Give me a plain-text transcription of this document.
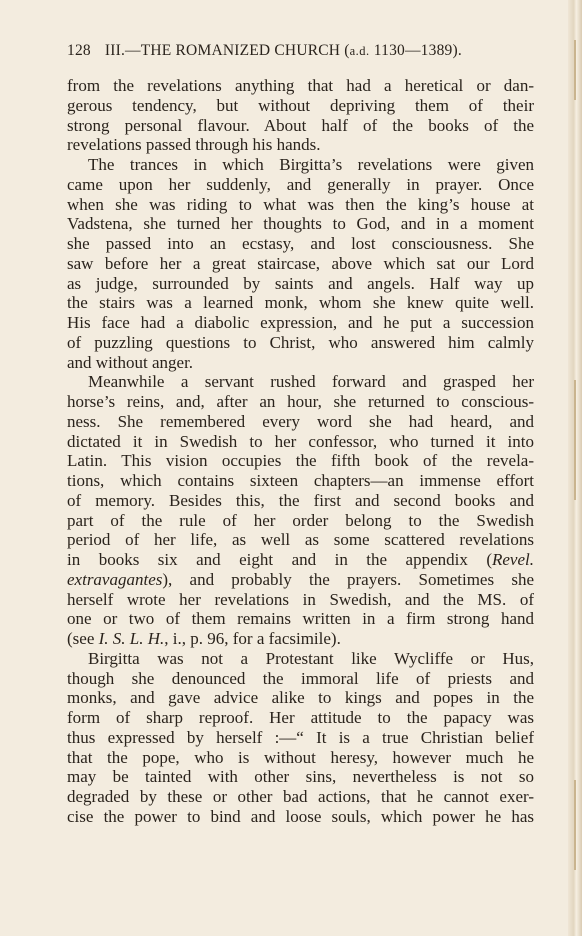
128 III.—THE ROMANIZED CHURCH (a.d. 1130—1389).
from the revelations anything that had a heretical or dan-
gerous tendency, but without depriving them of their
strong personal flavour. About half of the books of the
revelations passed through his hands.
The trances in which Birgitta’s revelations were given
came upon her suddenly, and generally in prayer. Once
when she was riding to what was then the king’s house at
Vadstena, she turned her thoughts to God, and in a moment
she passed into an ecstasy, and lost consciousness. She
saw before her a great staircase, above which sat our Lord
as judge, surrounded by saints and angels. Half way up
the stairs was a learned monk, whom she knew quite well.
His face had a diabolic expression, and he put a succession
of puzzling questions to Christ, who answered him calmly
and without anger.
Meanwhile a servant rushed forward and grasped her
horse’s reins, and, after an hour, she returned to conscious-
ness. She remembered every word she had heard, and
dictated it in Swedish to her confessor, who turned it into
Latin. This vision occupies the fifth book of the revela-
tions, which contains sixteen chapters—an immense effort
of memory. Besides this, the first and second books and
part of the rule of her order belong to the Swedish
period of her life, as well as some scattered revelations
in books six and eight and in the appendix (Revel.
extravagantes), and probably the prayers. Sometimes she
herself wrote her revelations in Swedish, and the MS. of
one or two of them remains written in a firm strong hand
(see I. S. L. H., i., p. 96, for a facsimile).
Birgitta was not a Protestant like Wycliffe or Hus,
though she denounced the immoral life of priests and
monks, and gave advice alike to kings and popes in the
form of sharp reproof. Her attitude to the papacy was
thus expressed by herself :—“ It is a true Christian belief
that the pope, who is without heresy, however much he
may be tainted with other sins, nevertheless is not so
degraded by these or other bad actions, that he cannot exer-
cise the power to bind and loose souls, which power he has
